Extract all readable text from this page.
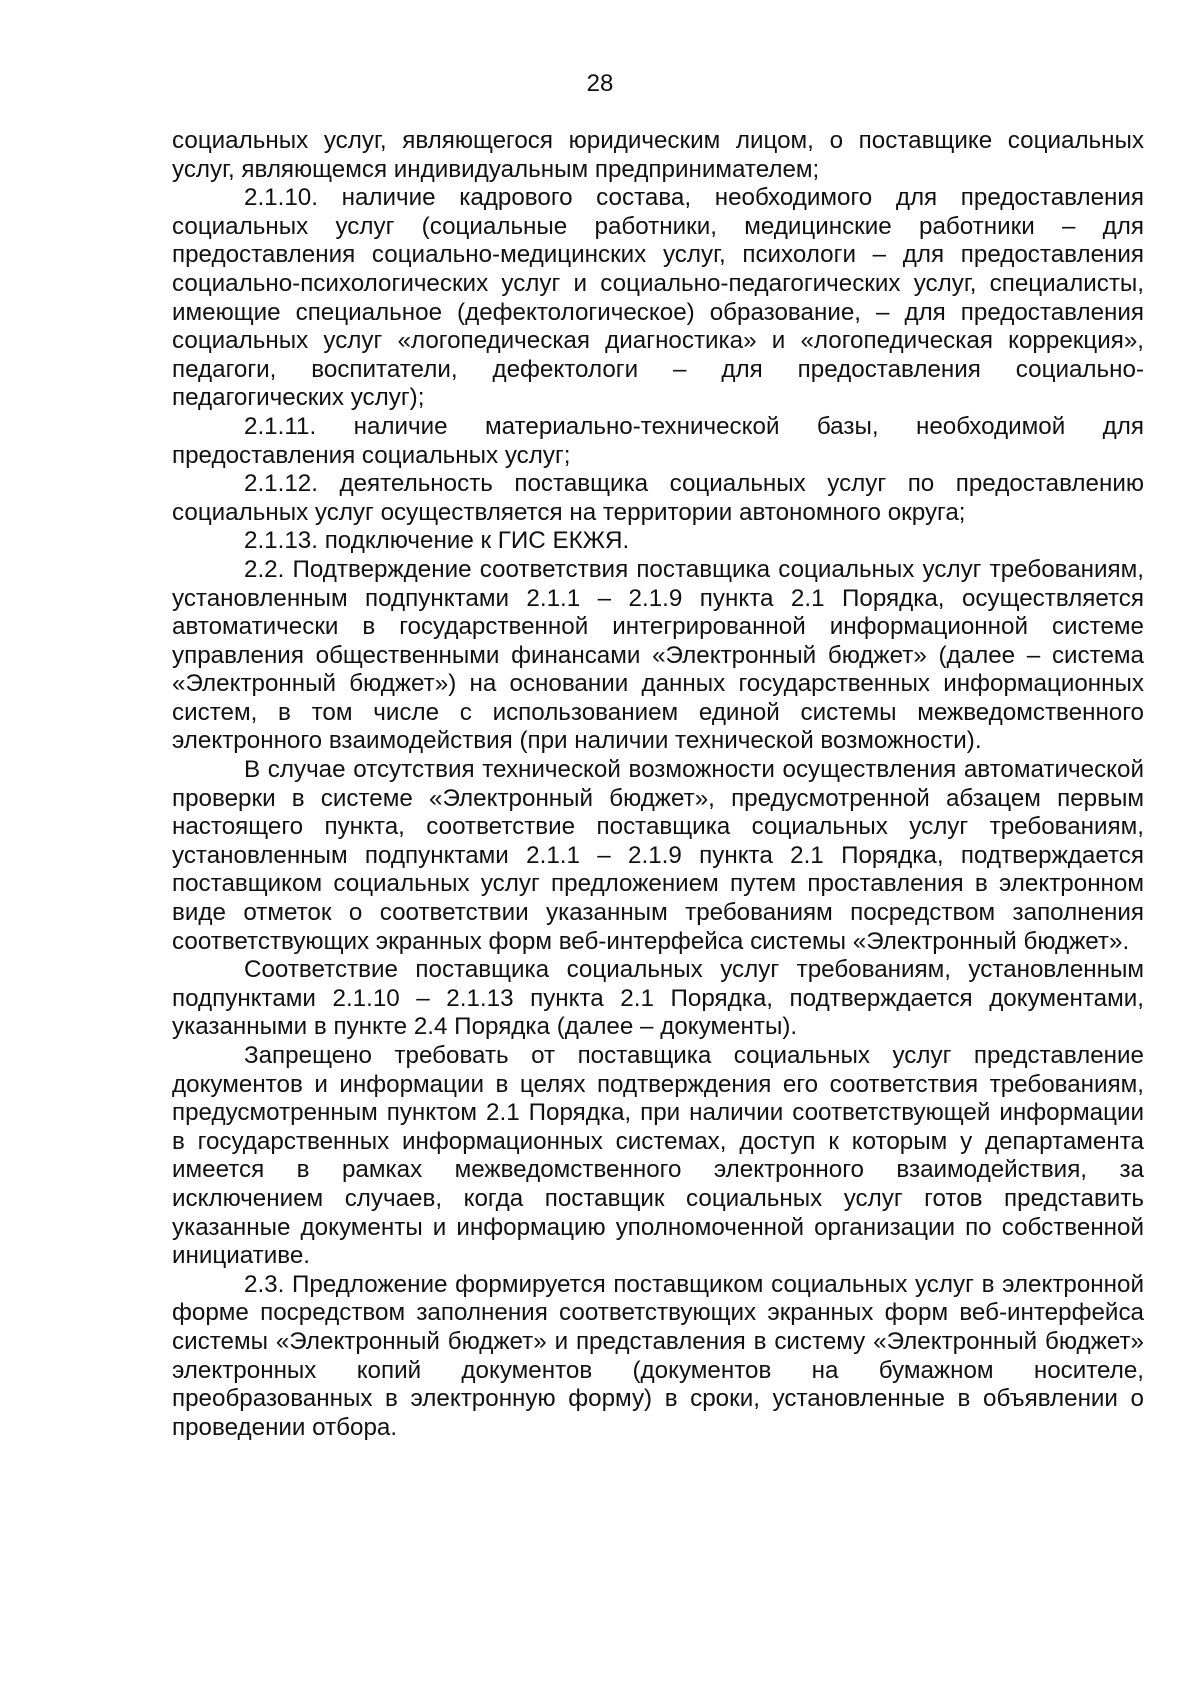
28

социальных услуг, являющегося юридическим лицом, о поставщике социальных услуг, являющемся индивидуальным предпринимателем;

2.1.10. наличие кадрового состава, необходимого для предоставления социальных услуг (социальные работники, медицинские работники – для предоставления социально-медицинских услуг, психологи – для предоставления социально-психологических услуг и социально-педагогических услуг, специалисты, имеющие специальное (дефектологическое) образование, – для предоставления социальных услуг «логопедическая диагностика» и «логопедическая коррекция», педагоги, воспитатели, дефектологи – для предоставления социально-педагогических услуг);

2.1.11. наличие материально-технической базы, необходимой для предоставления социальных услуг;

2.1.12. деятельность поставщика социальных услуг по предоставлению социальных услуг осуществляется на территории автономного округа;

2.1.13. подключение к ГИС ЕКЖЯ.

2.2. Подтверждение соответствия поставщика социальных услуг требованиям, установленным подпунктами 2.1.1 – 2.1.9 пункта 2.1 Порядка, осуществляется автоматически в государственной интегрированной информационной системе управления общественными финансами «Электронный бюджет» (далее – система «Электронный бюджет») на основании данных государственных информационных систем, в том числе с использованием единой системы межведомственного электронного взаимодействия (при наличии технической возможности).

В случае отсутствия технической возможности осуществления автоматической проверки в системе «Электронный бюджет», предусмотренной абзацем первым настоящего пункта, соответствие поставщика социальных услуг требованиям, установленным подпунктами 2.1.1 – 2.1.9 пункта 2.1 Порядка, подтверждается поставщиком социальных услуг предложением путем проставления в электронном виде отметок о соответствии указанным требованиям посредством заполнения соответствующих экранных форм веб-интерфейса системы «Электронный бюджет».

Соответствие поставщика социальных услуг требованиям, установленным подпунктами 2.1.10 – 2.1.13 пункта 2.1 Порядка, подтверждается документами, указанными в пункте 2.4 Порядка (далее – документы).

Запрещено требовать от поставщика социальных услуг представление документов и информации в целях подтверждения его соответствия требованиям, предусмотренным пунктом 2.1 Порядка, при наличии соответствующей информации в государственных информационных системах, доступ к которым у департамента имеется в рамках межведомственного электронного взаимодействия, за исключением случаев, когда поставщик социальных услуг готов представить указанные документы и информацию уполномоченной организации по собственной инициативе.

2.3. Предложение формируется поставщиком социальных услуг в электронной форме посредством заполнения соответствующих экранных форм веб-интерфейса системы «Электронный бюджет» и представления в систему «Электронный бюджет» электронных копий документов (документов на бумажном носителе, преобразованных в электронную форму) в сроки, установленные в объявлении о проведении отбора.
